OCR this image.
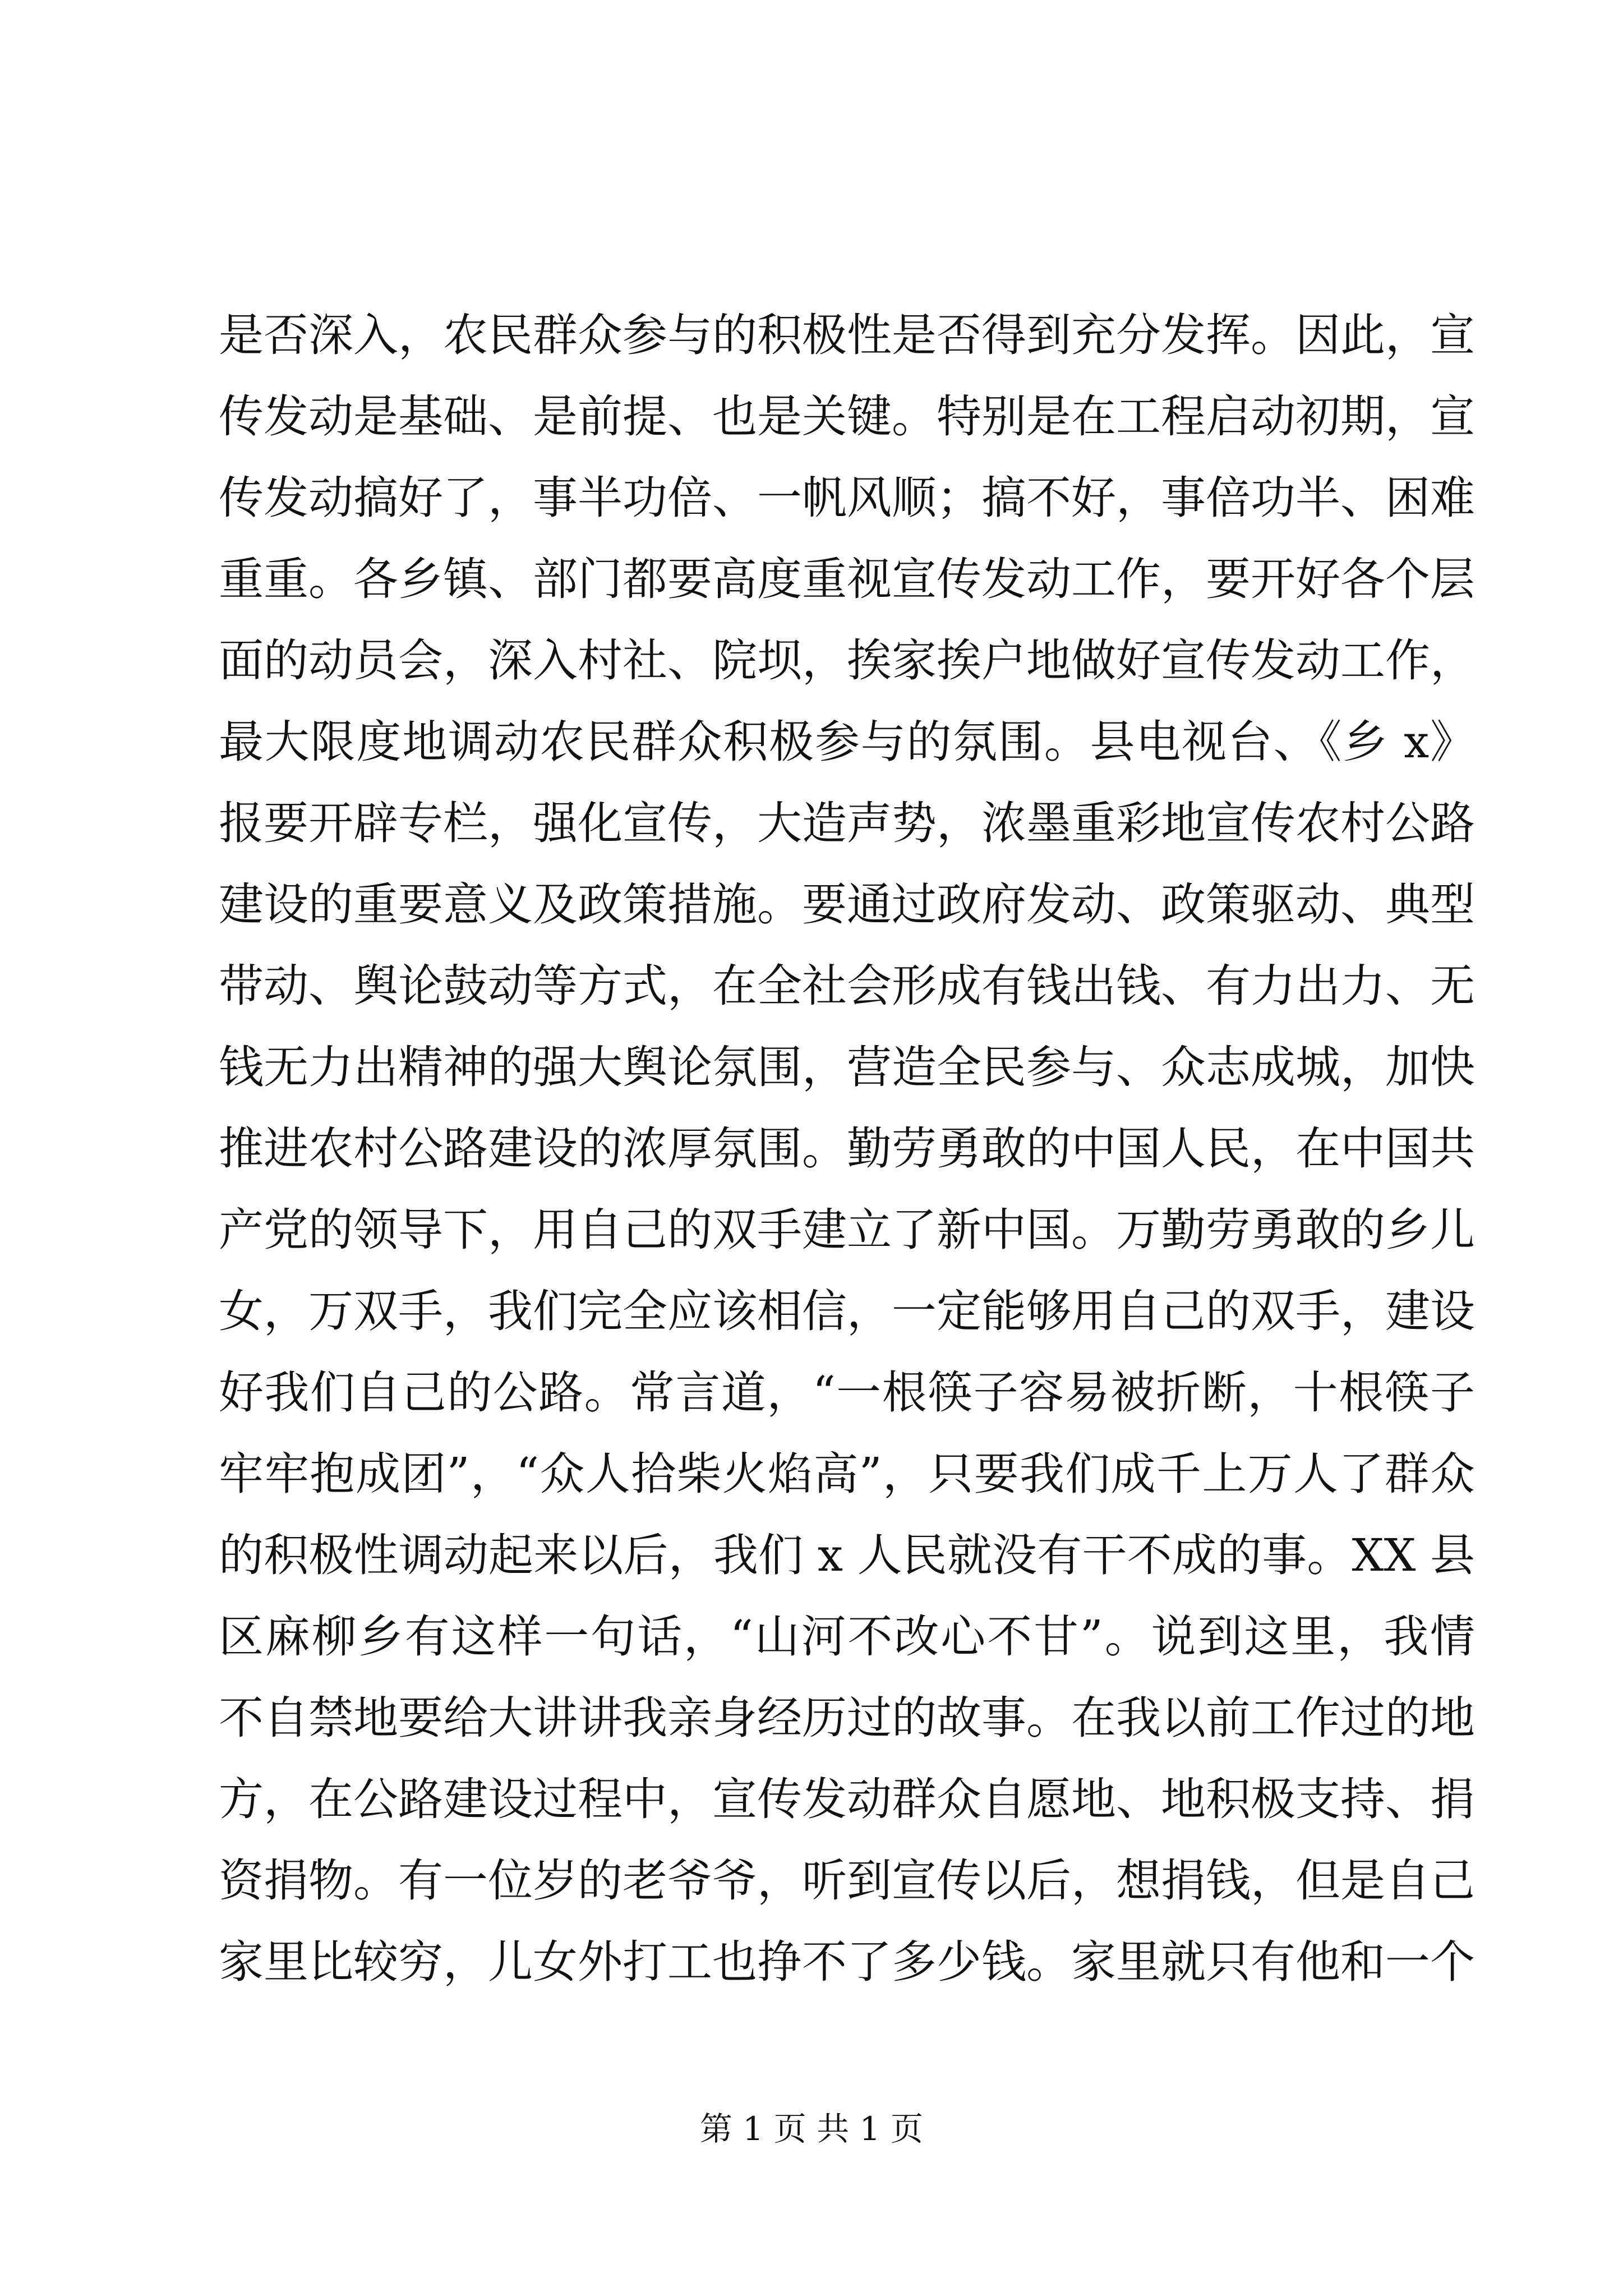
是否深入，农民群众参与的积极性是否得到充分发挥。因此，宣
传发动是基础、是前提、也是关键。特别是在工程启动初期，宣
传发动搞好了，事半功倍、一帆风顺；搞不好，事倍功半、困难
重重。各乡镇、部门都要高度重视宣传发动工作，要开好各个层
面的动员会，深入村社、院坝，挨家挨户地做好宣传发动工作，
最大限度地调动农民群众积极参与的氛围。县电视台、《乡 x》
报要开辟专栏，强化宣传，大造声势，浓墨重彩地宣传农村公路
建设的重要意义及政策措施。要通过政府发动、政策驱动、典型
带动、舆论鼓动等方式，在全社会形成有钱出钱、有力出力、无
钱无力出精神的强大舆论氛围，营造全民参与、众志成城，加快
推进农村公路建设的浓厚氛围。勤劳勇敢的中国人民，在中国共
产党的领导下，用自己的双手建立了新中国。万勤劳勇敢的乡儿
女，万双手，我们完全应该相信，一定能够用自己的双手，建设
好我们自己的公路。常言道，“一根筷子容易被折断，十根筷子
牢牢抱成团”，“众人拾柴火焰高”，只要我们成千上万人了群众
的积极性调动起来以后，我们 x 人民就没有干不成的事。XX 县
区麻柳乡有这样一句话，“山河不改心不甘”。说到这里，我情
不自禁地要给大讲讲我亲身经历过的故事。在我以前工作过的地
方，在公路建设过程中，宣传发动群众自愿地、地积极支持、捐
资捐物。有一位岁的老爷爷，听到宣传以后，想捐钱，但是自己
家里比较穷，儿女外打工也挣不了多少钱。家里就只有他和一个
第 1 页 共 1 页
